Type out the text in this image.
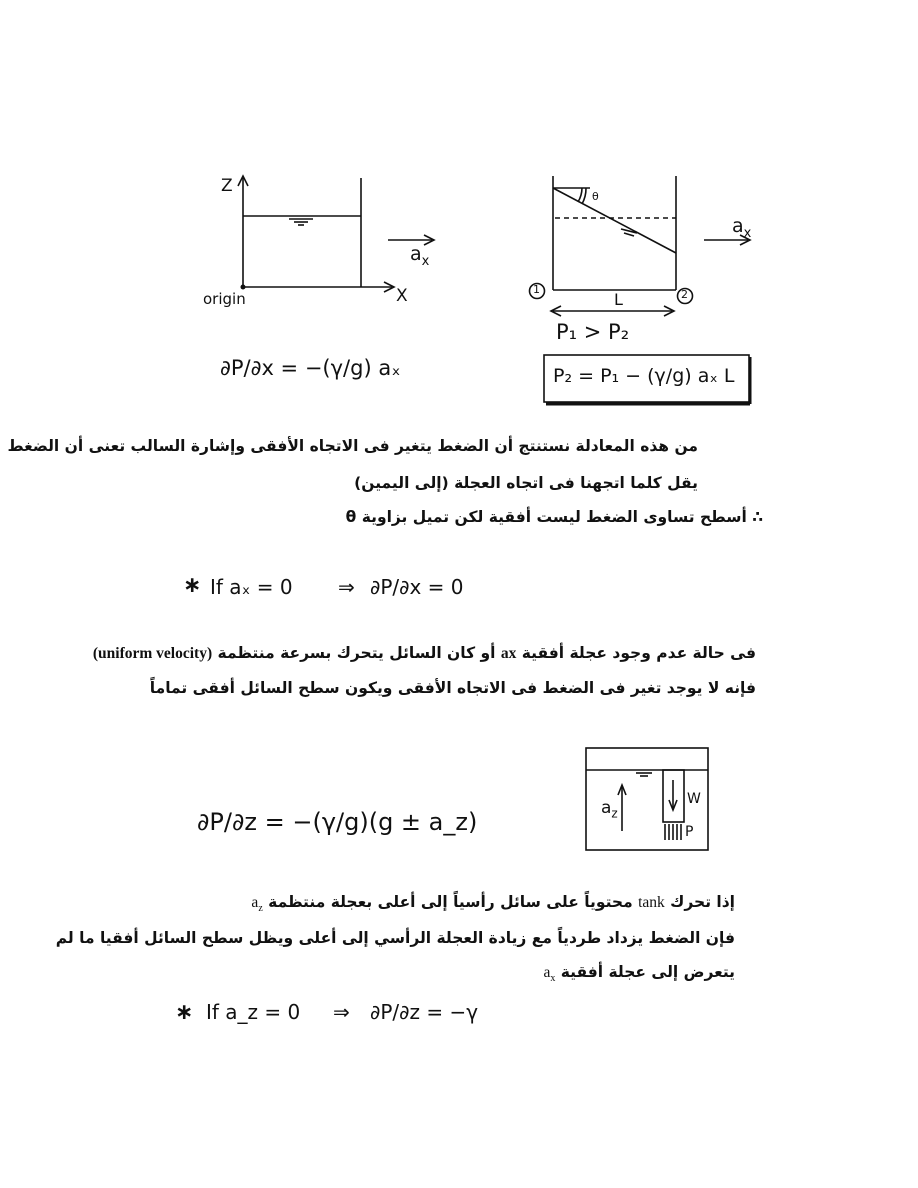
Z
X
origin
$a_x$
θ
$a_x$
1	2
L
P₁ > P₂
P₂ = P₁ − (γ/g) aₓ L
∂P/∂x = −(γ/g) aₓ
من هذه المعادلة نستنتج أن الضغط يتغير فى الاتجاه الأفقى وإشارة السالب تعنى أن الضغط
يقل كلما اتجهنا فى اتجاه العجلة (إلى اليمين)
∴ أسطح تساوى الضغط ليست أفقية لكن تميل بزاوية θ
∗ If aₓ = 0 ⇒ ∂P/∂x = 0
فى حالة عدم وجود عجلة أفقية ax أو كان السائل يتحرك بسرعة منتظمة (uniform velocity)
فإنه لا يوجد تغير فى الضغط فى الاتجاه الأفقى ويكون سطح السائل أفقى تماماً
∂P/∂z = −(γ/g)(g ± a_z)	$a_z$
W
P
إذا تحرك tank محتوياً على سائل رأسياً إلى أعلى بعجلة منتظمة $a_z$
فإن الضغط يزداد طردياً مع زيادة العجلة الرأسي إلى أعلى ويظل سطح السائل أفقيا ما لم
يتعرض إلى عجلة أفقية $a_x$
∗ If a_z = 0 ⇒ ∂P/∂z = −γ
